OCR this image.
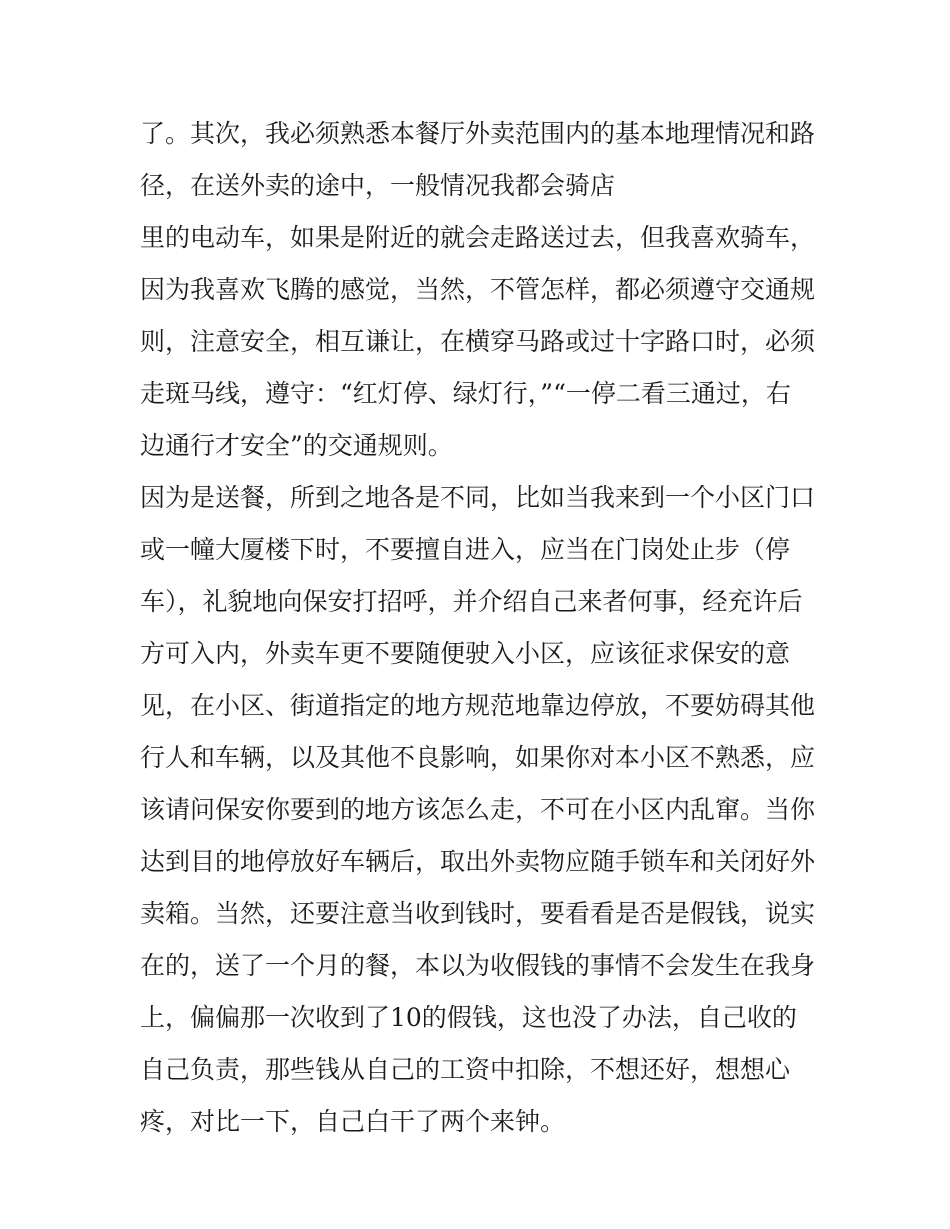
了。其次，我必须熟悉本餐厅外卖范围内的基本地理情况和路
径，在送外卖的途中，一般情况我都会骑店
里的电动车，如果是附近的就会走路送过去，但我喜欢骑车，
因为我喜欢飞腾的感觉，当然，不管怎样，都必须遵守交通规
则，注意安全，相互谦让，在横穿马路或过十字路口时，必须
走斑马线，遵守：“红灯停、绿灯行，”“一停二看三通过，右
边通行才安全”的交通规则。
因为是送餐，所到之地各是不同，比如当我来到一个小区门口
或一幢大厦楼下时，不要擅自进入，应当在门岗处止步（停
车），礼貌地向保安打招呼，并介绍自己来者何事，经充许后
方可入内，外卖车更不要随便驶入小区，应该征求保安的意
见，在小区、街道指定的地方规范地靠边停放，不要妨碍其他
行人和车辆，以及其他不良影响，如果你对本小区不熟悉，应
该请问保安你要到的地方该怎么走，不可在小区内乱窜。当你
达到目的地停放好车辆后，取出外卖物应随手锁车和关闭好外
卖箱。当然，还要注意当收到钱时，要看看是否是假钱，说实
在的，送了一个月的餐，本以为收假钱的事情不会发生在我身
上，偏偏那一次收到了10的假钱，这也没了办法，自己收的
自己负责，那些钱从自己的工资中扣除，不想还好，想想心
疼，对比一下，自己白干了两个来钟。
